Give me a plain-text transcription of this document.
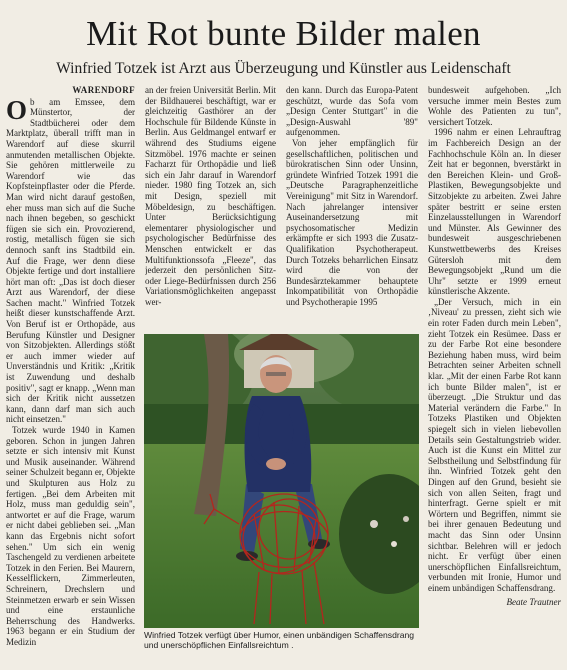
Mit Rot bunte Bilder malen
Winfried Totzek ist Arzt aus Überzeugung und Künstler aus Leidenschaft
WARENDORF

Ob am Emssee, dem Münstertor, der Stadtbücherei oder dem Marktplatz, überall trifft man in Warendorf auf diese skurril anmutenden metallischen Objekte. Sie gehören mittlerweile zu Warendorf wie das Kopfsteinpflaster oder die Pferde. Man wird nicht darauf gestoßen, eher muss man sich auf die Suche nach ihnen begeben, so geschickt fügen sie sich ein. Provozierend, rostig, metallisch fügen sie sich dennoch sanft ins Stadtbild ein. Auf die Frage, wer denn diese Objekte fertige und dort installiere hört man oft: „Das ist doch dieser Arzt aus Warendorf, der diese Sachen macht." Winfried Totzek heißt dieser kunstschaffende Arzt. Von Beruf ist er Orthopäde, aus Berufung Künstler und Designer von Sitzobjekten. Allerdings stößt er auch immer wieder auf Unverständnis und Kritik: „Kritik ist Zuwendung und deshalb positiv", sagt er knapp. „Wenn man sich der Kritik nicht aussetzen kann, dann darf man sich auch nicht einsetzen."

Totzek wurde 1940 in Kamen geboren. Schon in jungen Jahren setzte er sich intensiv mit Kunst und Musik auseinander. Während seiner Schulzeit begann er, Objekte und Skulpturen aus Holz zu fertigen. „Bei dem Arbeiten mit Holz, muss man geduldig sein", antwortet er auf die Frage, warum er nicht dabei geblieben sei. „Man kann das Ergebnis nicht sofort sehen." Um sich ein wenig Taschengeld zu verdienen arbeitete Totzek in den Ferien. Bei Maurern, Kesselflickern, Zimmerleuten, Schreinern, Drechslern und Steinmetzen erwarb er sein Wissen und eine erstaunliche Beherrschung des Handwerks. 1963 begann er ein Studium der Medizin

an der freien Universität Berlin. Mit der Bildhauerei beschäftigt, war er gleichzeitig Gasthörer an der Hochschule für Bildende Künste in Berlin. Aus Geldmangel entwarf er während des Studiums eigene Sitzmöbel. 1976 machte er seinen Facharzt für Orthopädie und ließ sich ein Jahr darauf in Warendorf nieder. 1980 fing Totzek an, sich mit Design, speziell mit Möbeldesign, zu beschäftigen. Unter Berücksichtigung elementarer physiologischer und psychologischer Bedürfnisse des Menschen entwickelt er das Multifunktionssofa „Fleeze", das jederzeit den persönlichen Sitz- oder Liege-Bedürfnissen durch 256 Variationsmöglichkeiten angepasst wer-

den kann. Durch das Europa-Patent geschützt, wurde das Sofa vom „Design Center Stuttgart" in die „Design-Auswahl '89" aufgenommen.

Von jeher empfänglich für gesellschaftlichen, politischen und bürokratischen Sinn oder Unsinn, gründete Winfried Totzek 1991 die „Deutsche Paragraphenzeitliche Vereinigung" mit Sitz in Warendorf. Nach jahrelanger intensiver Auseinandersetzung mit psychosomatischer Medizin erkämpfte er sich 1993 die Zusatz-Qualifikation Psychotherapeut. Durch Totzeks beharrlichen Einsatz wird die von der Bundesärztekammer behauptete Inkompatibilität von Orthopädie und Psychotherapie 1995

bundesweit aufgehoben. „Ich versuche immer mein Bestes zum Wohle des Patienten zu tun", versichert Totzek.

1996 nahm er einen Lehrauftrag im Fachbereich Design an der Fachhochschule Köln an. In dieser Zeit hat er begonnen, bverstärkt in den Bereichen Klein- und Groß-Plastiken, Bewegungsobjekte und Sitzobjekte zu arbeiten. Zwei Jahre später bestritt er seine ersten Einzelausstellungen in Warendorf und Münster. Als Gewinner des bundesweit ausgeschriebenen Kunstwettbewerbs des Kreises Gütersloh mit dem Bewegungsobjekt „Rund um die Uhr" setzte er 1999 erneut künstlerische Akzente.

„Der Versuch, mich in ein ‚Niveau' zu pressen, zieht sich wie ein roter Faden durch mein Leben", zieht Totzek ein Resümee. Dass er zu der Farbe Rot eine besondere Beziehung haben muss, wird beim Betrachten seiner Arbeiten schnell klar. „Mit der einen Farbe Rot kann ich bunte Bilder malen", ist er überzeugt. „Die Struktur und das Material verändern die Farbe." In Totzeks Plastiken und Objekten spiegelt sich in vielen liebevollen Details sein Gestaltungstrieb wider. Auch ist die Kunst ein Mittel zur Selbstheilung und Selbstfindung für ihn. Winfried Totzek geht den Dingen auf den Grund, besieht sie sich von allen Seiten, fragt und hinterfragt. Gerne spielt er mit Wörtern und Begriffen, nimmt sie bei ihrer genauen Bedeutung und macht das Sinn oder Unsinn sichtbar. Belehren will er jedoch nicht. Er verfügt über einen unerschöpflichen Einfallsreichtum, verbunden mit Ironie, Humor und einem unbändigen Schaffensdrang.

Beate Trautner
Winfried Totzek verfügt über Humor, einen unbändigen Schaffensdrang und unerschöpflichen Einfallsreichtum .
